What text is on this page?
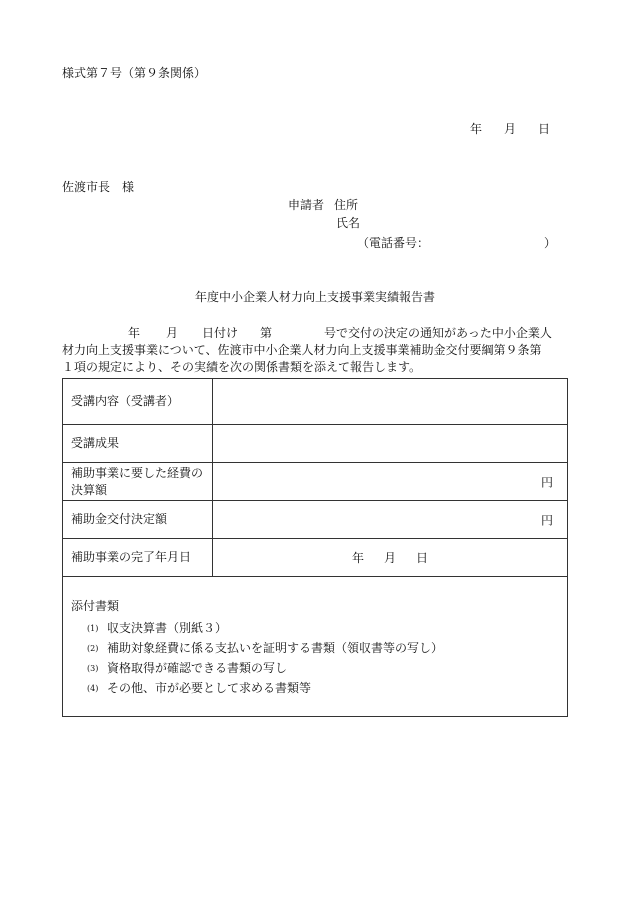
様式第７号（第９条関係）
年 月 日
佐渡市長　様
申請者 住所
氏名
（電話番号：	）
年度中小企業人材力向上支援事業実績報告書
年 月 日付け 第	号で交付の決定の通知があった中小企業人
材力向上支援事業について、佐渡市中小企業人材力向上支援事業補助金交付要綱第９条第
１項の規定により、その実績を次の関係書類を添えて報告します。
受講内容（受講者）	
受講成果	

補助事業に要した経費の
決算額	円

補助金交付決定額	円

補助事業の完了年月日	年 月 日

添付書類
(1) 収支決算書（別紙３）
(2) 補助対象経費に係る支払いを証明する書類（領収書等の写し）
(3) 資格取得が確認できる書類の写し
(4) その他、市が必要として求める書類等	
